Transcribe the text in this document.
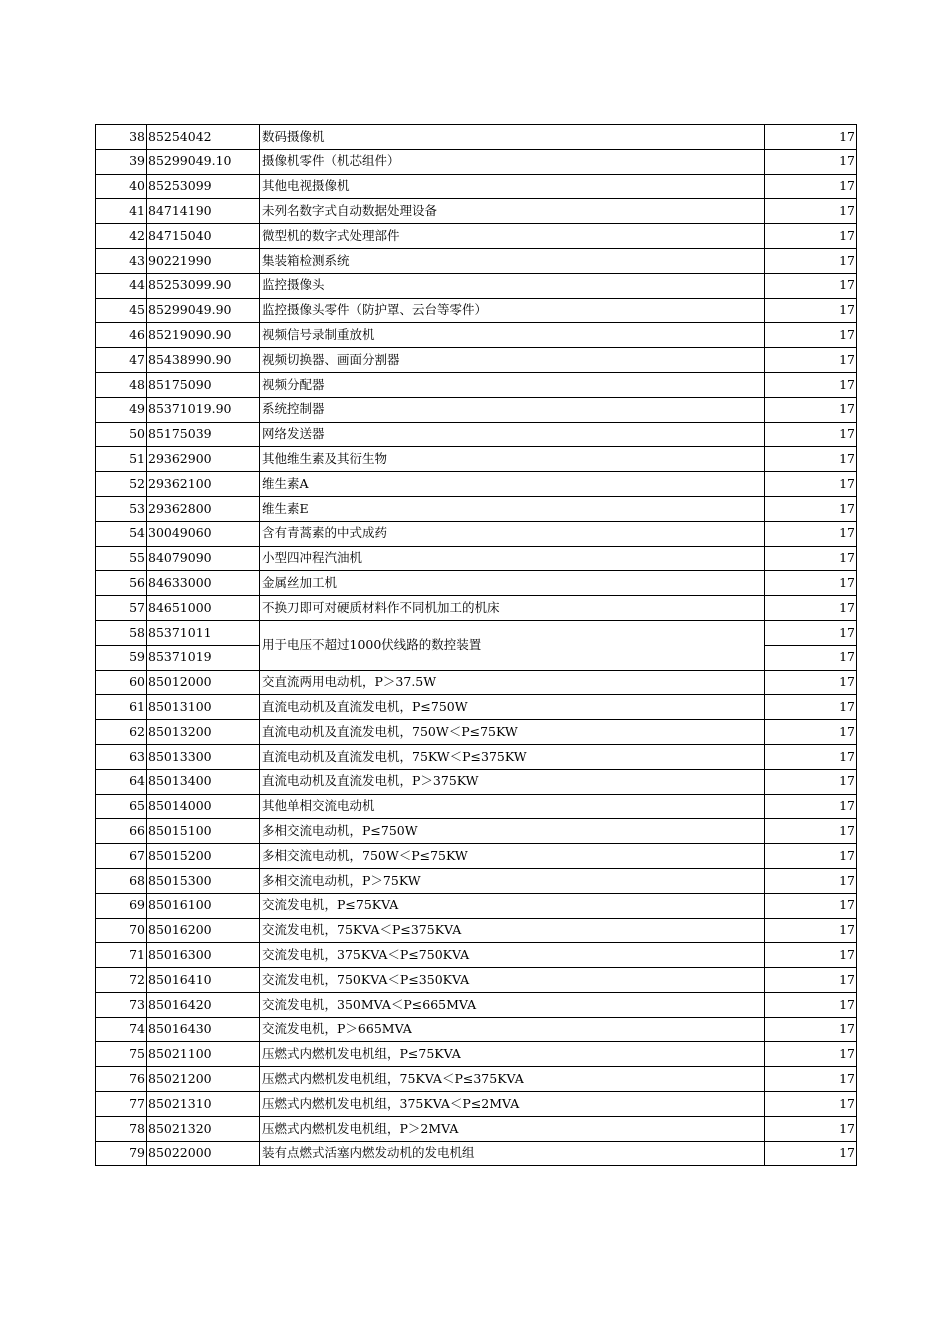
38	85254042	数码摄像机	17
39	85299049.10	摄像机零件（机芯组件）	17
40	85253099	其他电视摄像机	17
41	84714190	未列名数字式自动数据处理设备	17
42	84715040	微型机的数字式处理部件	17
43	90221990	集装箱检测系统	17
44	85253099.90	监控摄像头	17
45	85299049.90	监控摄像头零件（防护罩、云台等零件）	17
46	85219090.90	视频信号录制重放机	17
47	85438990.90	视频切换器、画面分割器	17
48	85175090	视频分配器	17
49	85371019.90	系统控制器	17
50	85175039	网络发送器	17
51	29362900	其他维生素及其衍生物	17
52	29362100	维生素A	17
53	29362800	维生素E	17
54	30049060	含有青蒿素的中式成药	17
55	84079090	小型四冲程汽油机	17
56	84633000	金属丝加工机	17
57	84651000	不换刀即可对硬质材料作不同机加工的机床	17
58	85371011	用于电压不超过1000伏线路的数控装置	17
59	85371019		17
60	85012000	交直流两用电动机，P＞37.5W	17
61	85013100	直流电动机及直流发电机，P≤750W	17
62	85013200	直流电动机及直流发电机，750W＜P≤75KW	17
63	85013300	直流电动机及直流发电机，75KW＜P≤375KW	17
64	85013400	直流电动机及直流发电机，P＞375KW	17
65	85014000	其他单相交流电动机	17
66	85015100	多相交流电动机，P≤750W	17
67	85015200	多相交流电动机，750W＜P≤75KW	17
68	85015300	多相交流电动机，P＞75KW	17
69	85016100	交流发电机，P≤75KVA	17
70	85016200	交流发电机，75KVA＜P≤375KVA	17
71	85016300	交流发电机，375KVA＜P≤750KVA	17
72	85016410	交流发电机，750KVA＜P≤350KVA	17
73	85016420	交流发电机，350MVA＜P≤665MVA	17
74	85016430	交流发电机，P＞665MVA	17
75	85021100	压燃式内燃机发电机组，P≤75KVA	17
76	85021200	压燃式内燃机发电机组，75KVA＜P≤375KVA	17
77	85021310	压燃式内燃机发电机组，375KVA＜P≤2MVA	17
78	85021320	压燃式内燃机发电机组，P＞2MVA	17
79	85022000	装有点燃式活塞内燃发动机的发电机组	17
